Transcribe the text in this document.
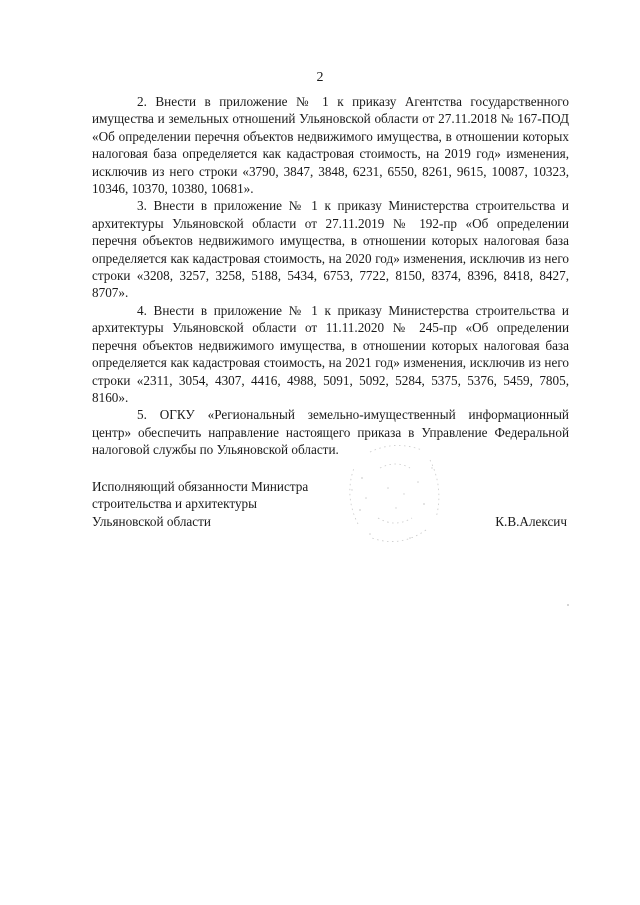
2

2. Внести в приложение № 1 к приказу Агентства государственного имущества и земельных отношений Ульяновской области от 27.11.2018 № 167-ПОД «Об определении перечня объектов недвижимого имущества, в отношении которых налоговая база определяется как кадастровая стоимость, на 2019 год» изменения, исключив из него строки «3790, 3847, 3848, 6231, 6550, 8261, 9615, 10087, 10323, 10346, 10370, 10380, 10681».

3. Внести в приложение № 1 к приказу Министерства строительства и архитектуры Ульяновской области от 27.11.2019 № 192-пр «Об определении перечня объектов недвижимого имущества, в отношении которых налоговая база определяется как кадастровая стоимость, на 2020 год» изменения, исключив из него строки «3208, 3257, 3258, 5188, 5434, 6753, 7722, 8150, 8374, 8396, 8418, 8427, 8707».

4. Внести в приложение № 1 к приказу Министерства строительства и архитектуры Ульяновской области от 11.11.2020 № 245-пр «Об определении перечня объектов недвижимого имущества, в отношении которых налоговая база определяется как кадастровая стоимость, на 2021 год» изменения, исключив из него строки «2311, 3054, 4307, 4416, 4988, 5091, 5092, 5284, 5375, 5376, 5459, 7805, 8160».

5. ОГКУ «Региональный земельно-имущественный информационный центр» обеспечить направление настоящего приказа в Управление Федеральной налоговой службы по Ульяновской области.

Исполняющий обязанности Министра
строительства и архитектуры
Ульяновской области	К.В.Алексич
